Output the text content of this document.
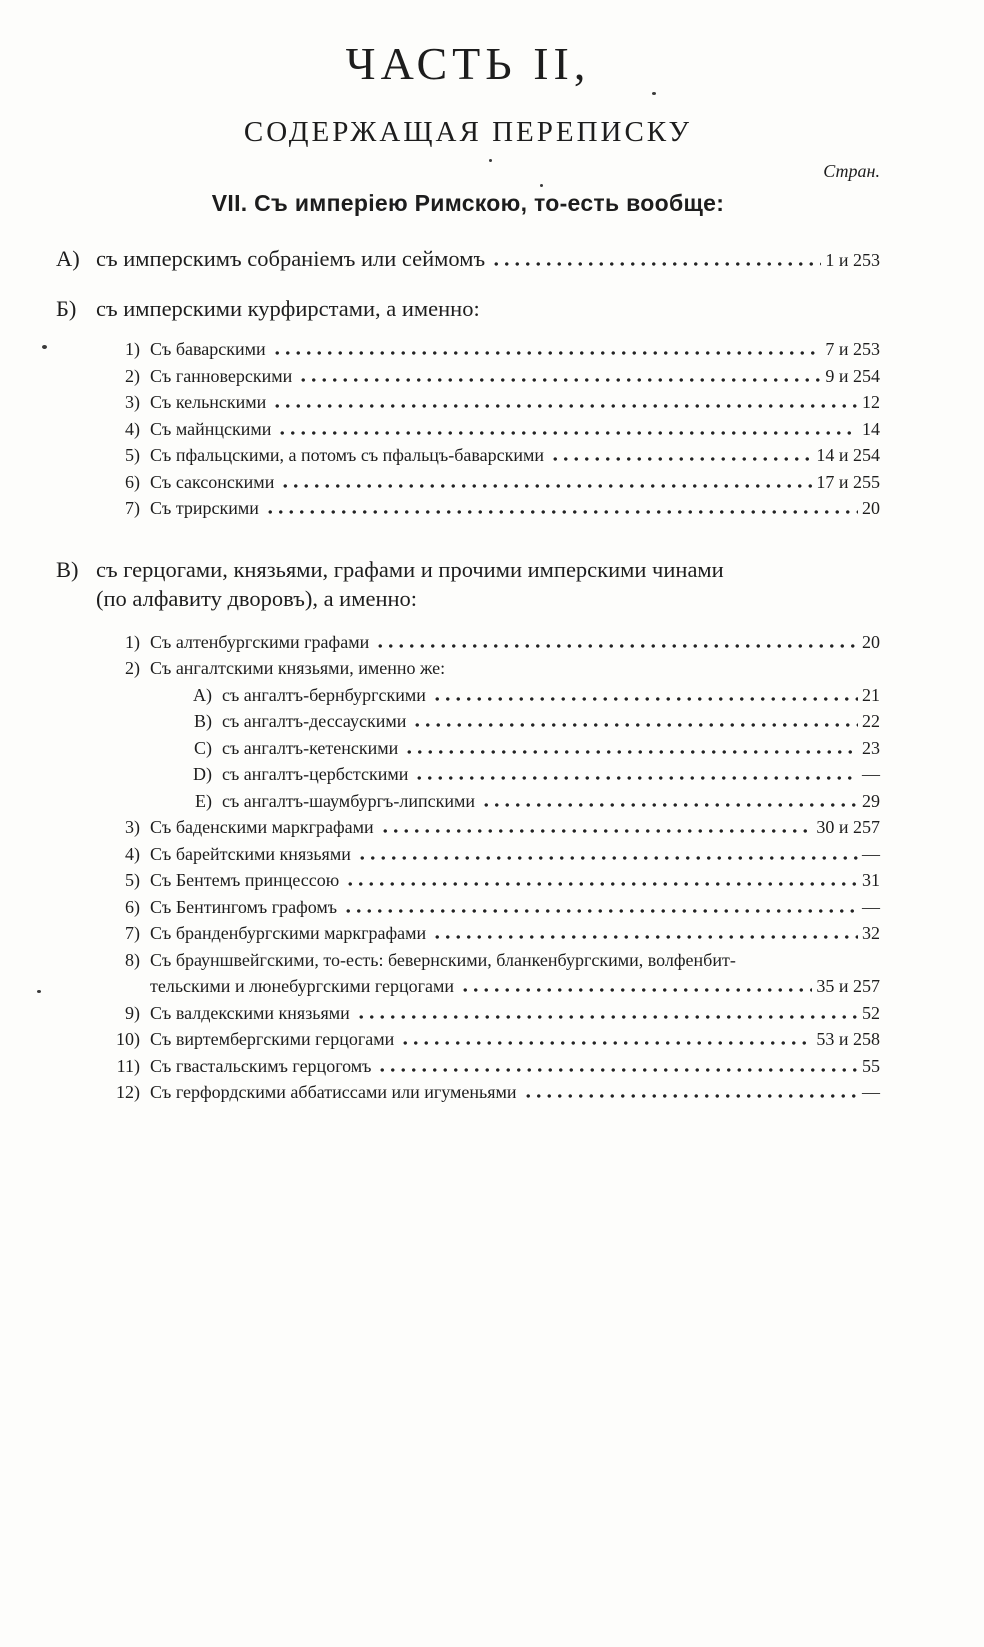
ЧАСТЬ II,
СОДЕРЖАЩАЯ ПЕРЕПИСКУ
Стран.
VII. Съ имперіею Римскою, то-есть вообще:
А) съ имперскимъ собраніемъ или сеймомъ	1 и 253
Б) съ имперскими курфирстами, а именно:
1) Съ баварскими	7 и 253
2) Съ ганноверскими	9 и 254
3) Съ кельнскими	12
4) Съ майнцскими	14
5) Съ пфальцскими, а потомъ съ пфальцъ-баварскими	14 и 254
6) Съ саксонскими	17 и 255
7) Съ трирскими	20
В) съ герцогами, князьями, графами и прочими имперскими чинами
(по алфавиту дворовъ), а именно:
1) Съ алтенбургскими графами	20
2) Съ ангалтскими князьями, именно же:
A) съ ангалтъ-бернбургскими	21
B) съ ангалтъ-дессаускими	22
C) съ ангалтъ-кетенскими	23
D) съ ангалтъ-цербстскими	—
E) съ ангалтъ-шаумбургъ-липскими	29
3) Съ баденскими маркграфами	30 и 257
4) Съ барейтскими князьями	—
5) Съ Бентемъ принцессою	31
6) Съ Бентингомъ графомъ	—
7) Съ бранденбургскими маркграфами	32
8) Съ брауншвейгскими, то-есть: бевернскими, бланкенбургскими, волфенбит-
тельскими и люнебургскими герцогами	35 и 257
9) Съ валдекскими князьями	52
10) Съ виртембергскими герцогами	53 и 258
11) Съ гвастальскимъ герцогомъ	55
12) Съ герфордскими аббатиссами или игуменьями	—
